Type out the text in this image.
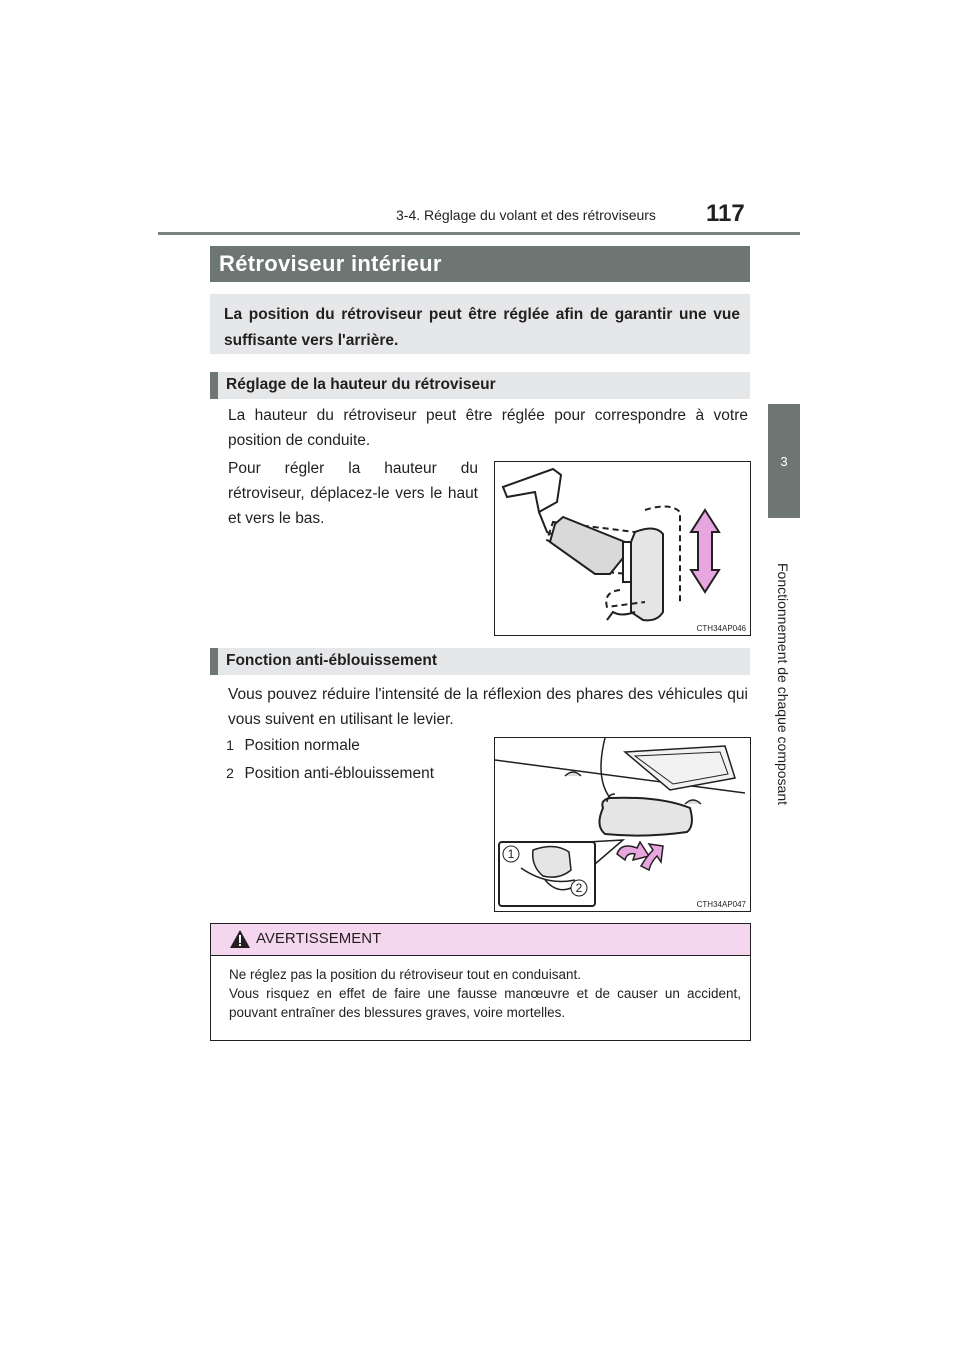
3-4. Réglage du volant et des rétroviseurs 117
3
Fonctionnement de chaque composant
Rétroviseur intérieur

La position du rétroviseur peut être réglée afin de garantir une vue suffisante vers l'arrière.

Réglage de la hauteur du rétroviseur

La hauteur du rétroviseur peut être réglée pour correspondre à votre position de conduite.

Pour régler la hauteur du rétroviseur, déplacez-le vers le haut et vers le bas.

CTH34AP046
Fonction anti-éblouissement

Vous pouvez réduire l'intensité de la réflexion des phares des véhicules qui vous suivent en utilisant le levier.

1 Position normale
2 Position anti-éblouissement
1
2
CTH34AP047
AVERTISSEMENT
Ne réglez pas la position du rétroviseur tout en conduisant.
Vous risquez en effet de faire une fausse manœuvre et de causer un accident, pouvant entraîner des blessures graves, voire mortelles.
